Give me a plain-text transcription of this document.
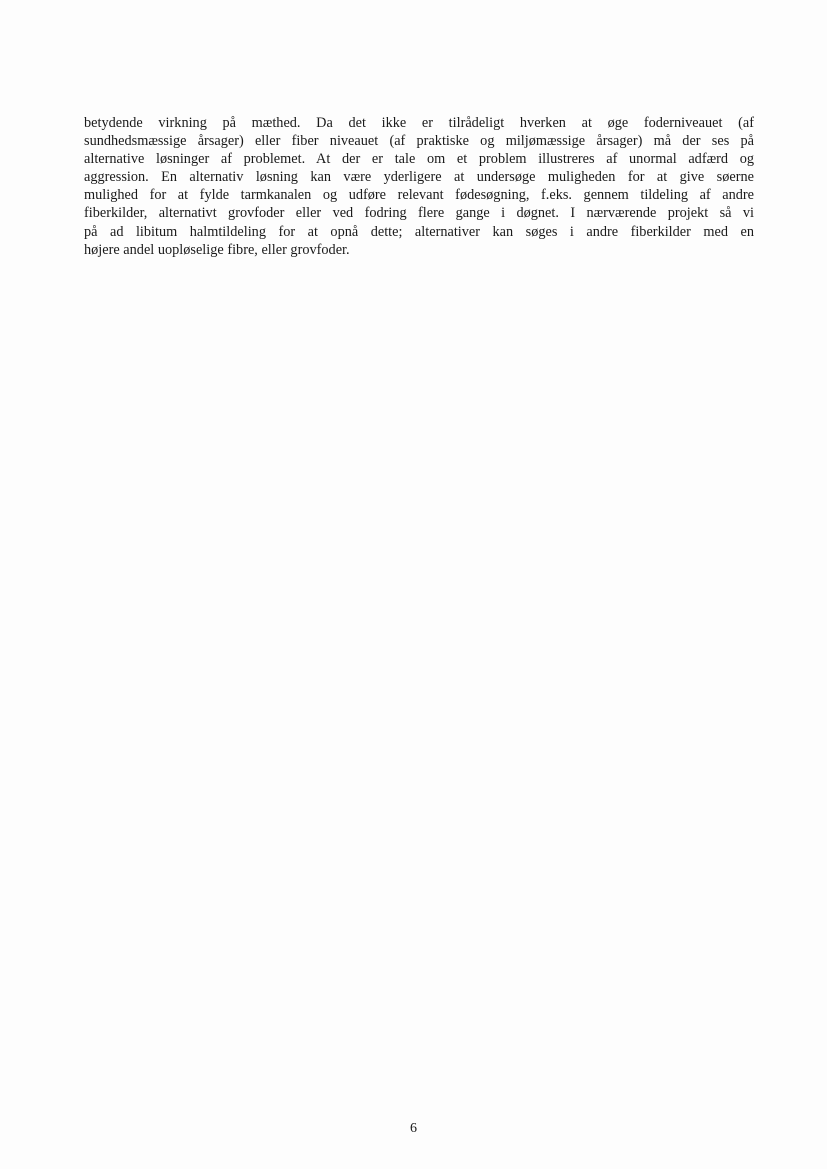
betydende virkning på mæthed. Da det ikke er tilrådeligt hverken at øge foderniveauet (af
sundhedsmæssige årsager) eller fiber niveauet (af praktiske og miljømæssige årsager) må der ses på
alternative løsninger af problemet. At der er tale om et problem illustreres af unormal adfærd og
aggression. En alternativ løsning kan være yderligere at undersøge muligheden for at give søerne
mulighed for at fylde tarmkanalen og udføre relevant fødesøgning, f.eks. gennem tildeling af andre
fiberkilder, alternativt grovfoder eller ved fodring flere gange i døgnet. I nærværende projekt så vi
på ad libitum halmtildeling for at opnå dette; alternativer kan søges i andre fiberkilder med en
højere andel uopløselige fibre, eller grovfoder.

6
